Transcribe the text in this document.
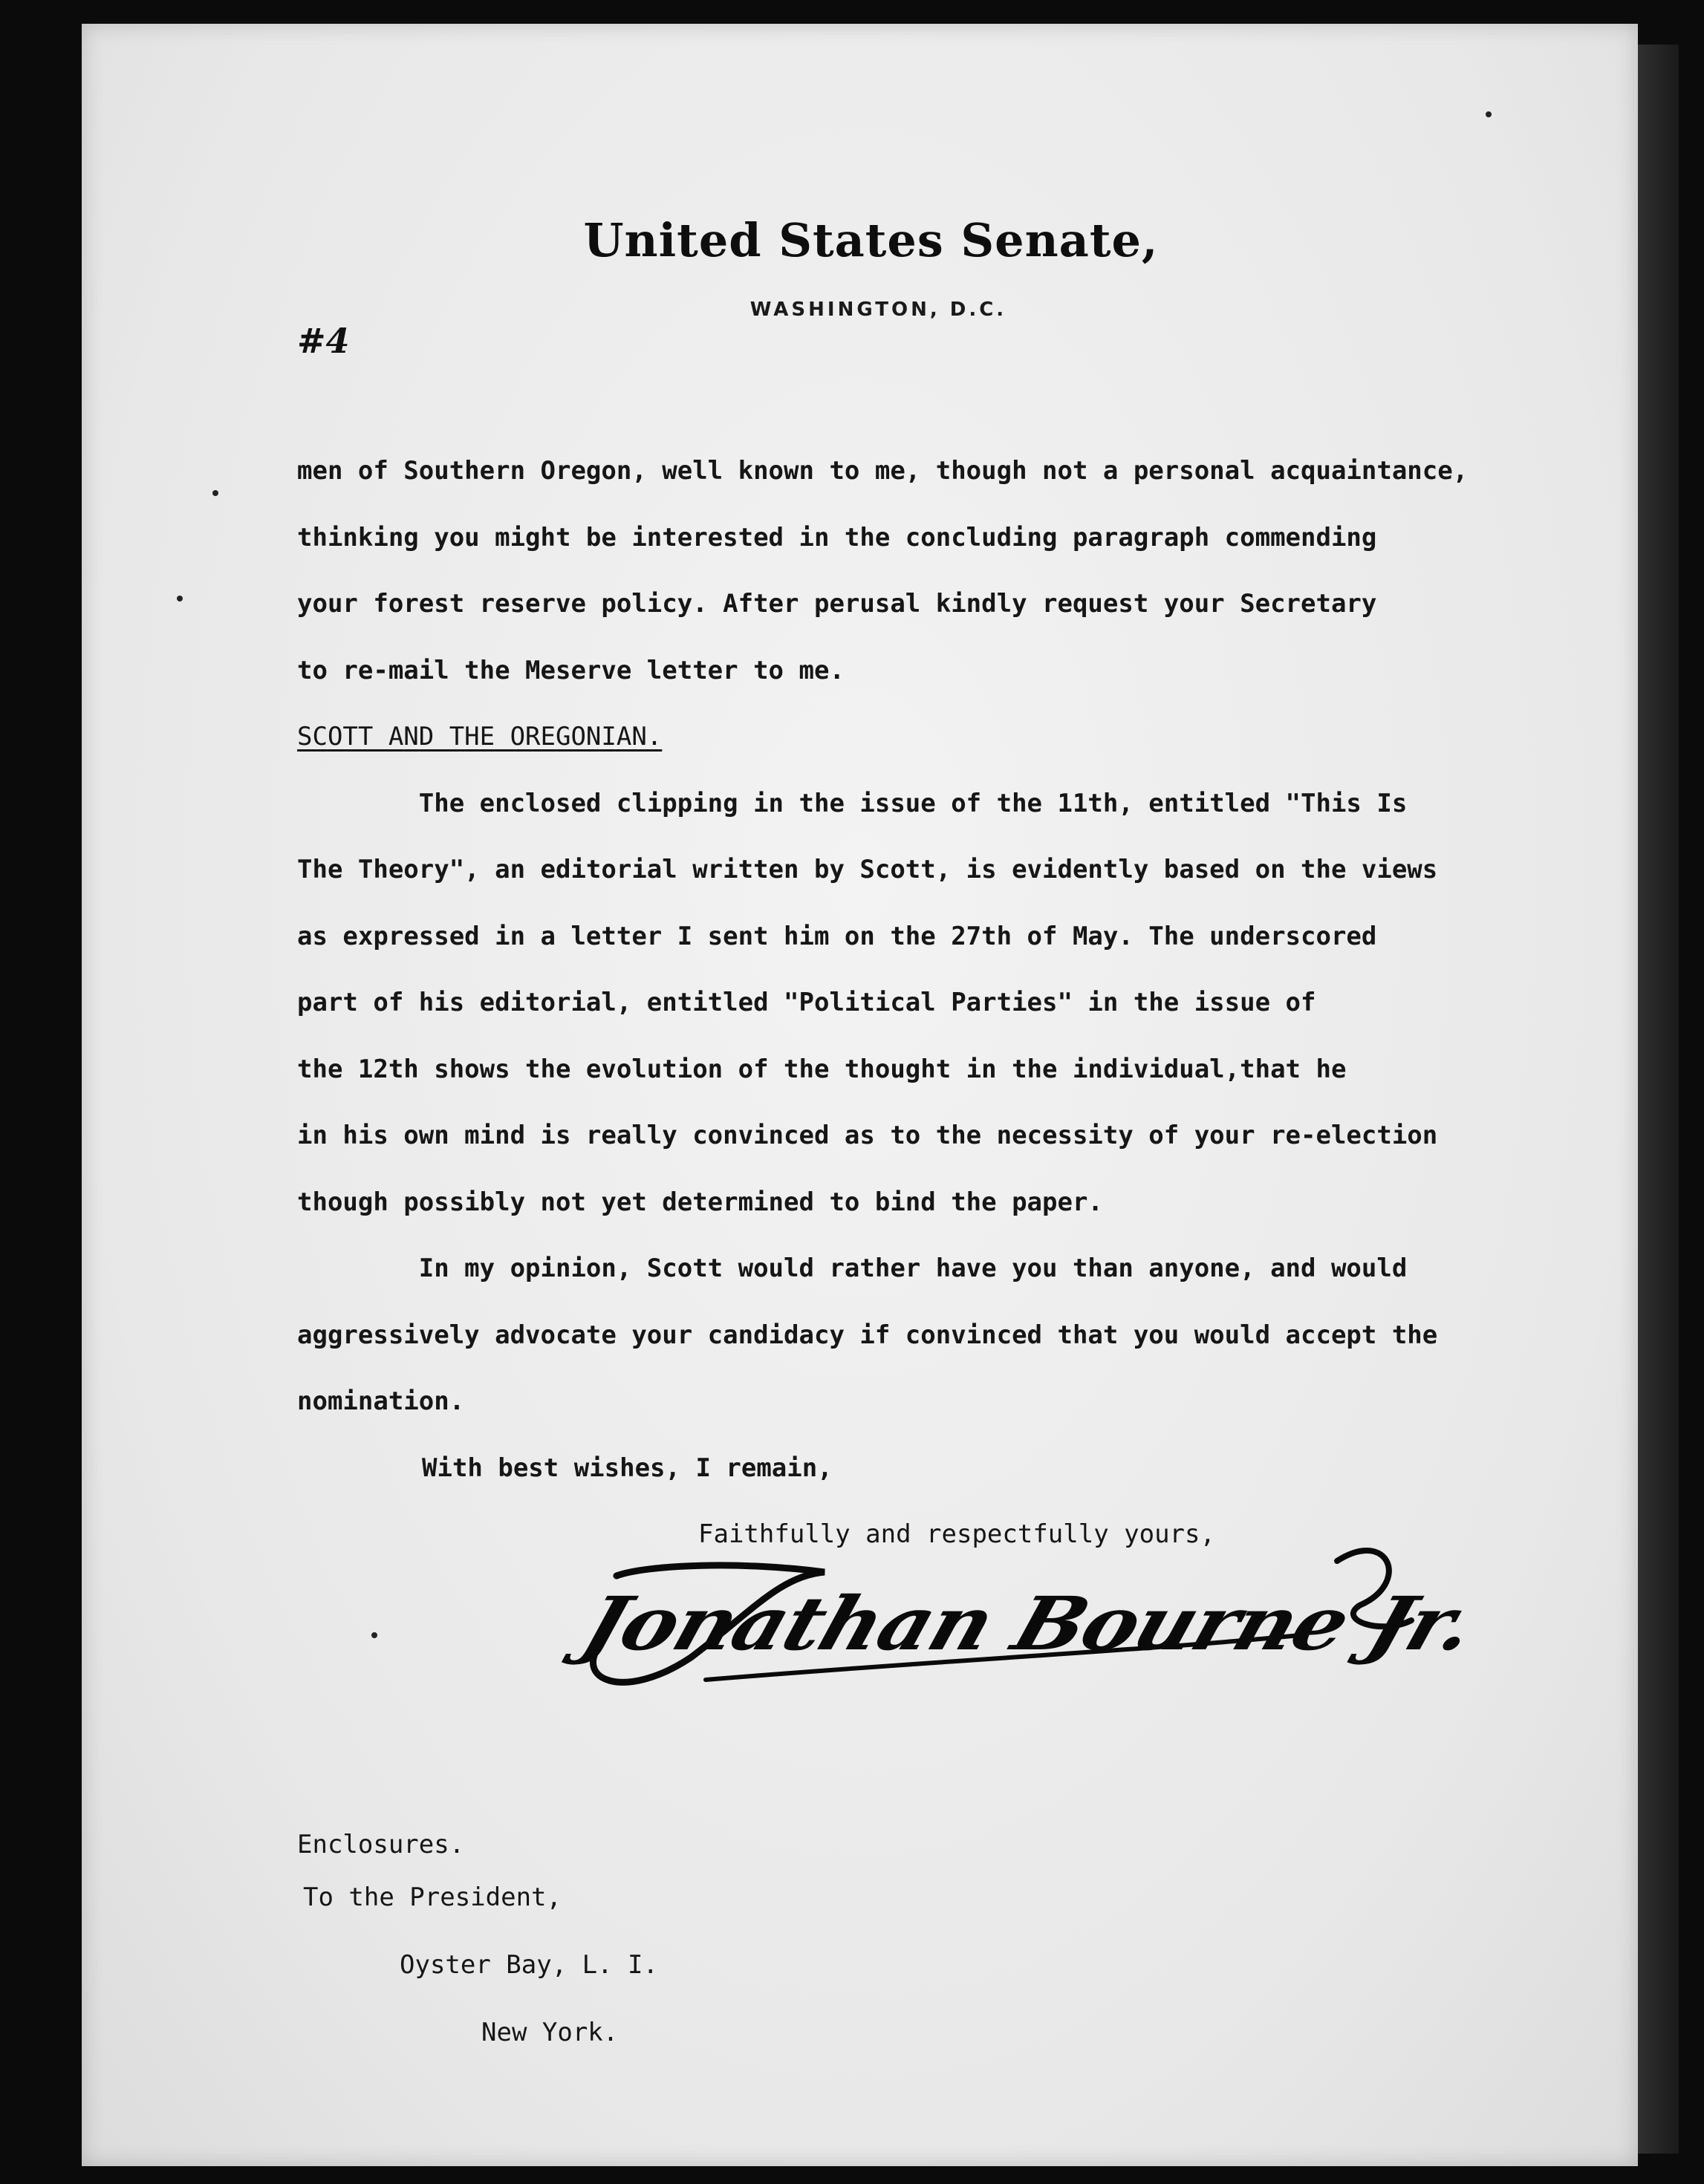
United States Senate,
WASHINGTON, D.C.
#4
men of Southern Oregon, well known to me, though not a personal acquaintance,
thinking you might be interested in the concluding paragraph commending
your forest reserve policy. After perusal kindly request your Secretary
to re-mail the Meserve letter to me.
SCOTT AND THE OREGONIAN.
The enclosed clipping in the issue of the 11th, entitled "This Is
The Theory", an editorial written by Scott, is evidently based on the views
as expressed in a letter I sent him on the 27th of May. The underscored
part of his editorial, entitled "Political Parties" in the issue of
the 12th shows the evolution of the thought in the individual,that he
in his own mind is really convinced as to the necessity of your re-election
though possibly not yet determined to bind the paper.
In my opinion, Scott would rather have you than anyone, and would
aggressively advocate your candidacy if convinced that you would accept the
nomination.
With best wishes, I remain,
Faithfully and respectfully yours,
Jonathan Bourne Jr.
Enclosures.
To the President,
Oyster Bay, L. I.
New York.
